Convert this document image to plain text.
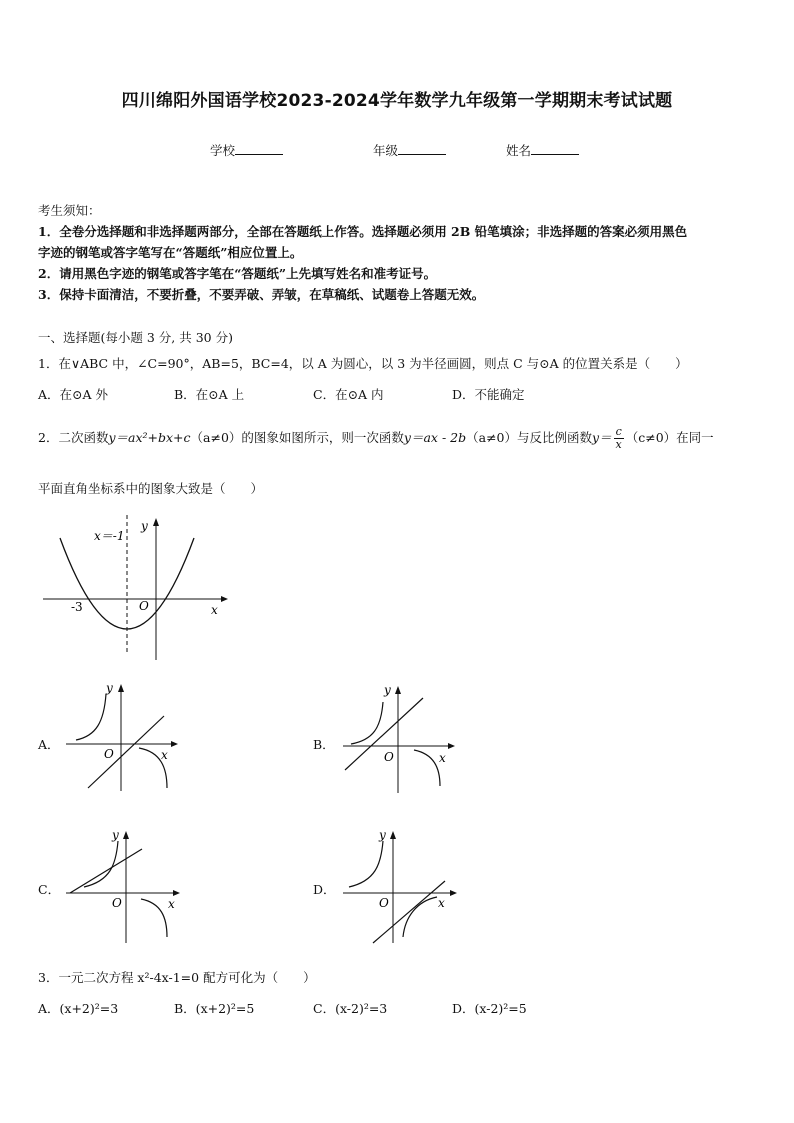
四川绵阳外国语学校2023-2024学年数学九年级第一学期期末考试试题
学校	年级	姓名
考生须知：
1．全卷分选择题和非选择题两部分，全部在答题纸上作答。选择题必须用 2B 铅笔填涂；非选择题的答案必须用黑色
字迹的钢笔或答字笔写在“答题纸”相应位置上。
2．请用黑色字迹的钢笔或答字笔在“答题纸”上先填写姓名和准考证号。
3．保持卡面清洁，不要折叠，不要弄破、弄皱，在草稿纸、试题卷上答题无效。
一、选择题(每小题 3 分, 共 30 分)
1．在∨ABC 中，∠C=90°，AB=5，BC=4，以 A 为圆心，以 3 为半径画圆，则点 C 与⊙A 的位置关系是（　　）
A．在⊙A 外	B．在⊙A 上	C．在⊙A 内	D．不能确定
2．二次函数y＝ax²+bx+c（a≠0）的图象如图所示，则一次函数y＝ax - 2b（a≠0）与反比例函数$y= \frac{c}{x} (c\ne 0)$在同一
平面直角坐标系中的图象大致是（　　）
x＝-1
y
-3	O	x
A．
y
O	x
B．
y
O	x
C．
y
O	x
D．
y
O	x
3．一元二次方程 x²-4x-1=0 配方可化为（　　）
A．(x+2)²=3	B．(x+2)²=5	C．(x-2)²=3	D．(x-2)²=5
